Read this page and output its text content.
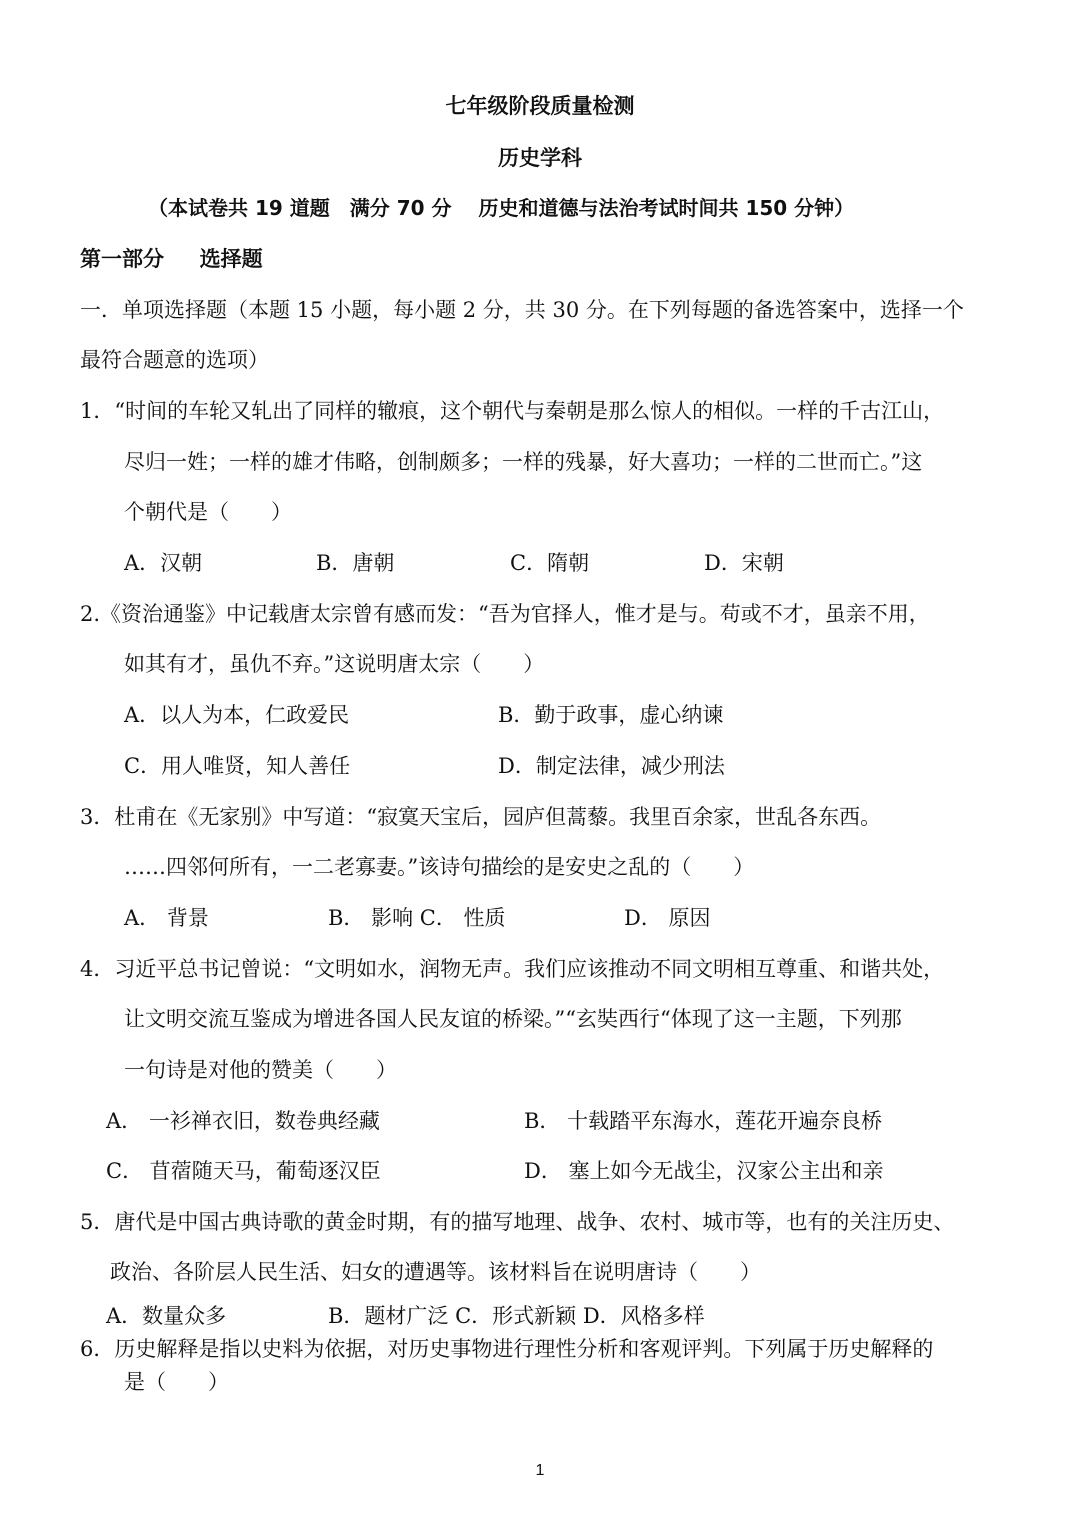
七年级阶段质量检测
历史学科
（本试卷共 19 道题　满分 70 分　 历史和道德与法治考试时间共 150 分钟）
第一部分 　 选择题
一．单项选择题（本题 15 小题，每小题 2 分，共 30 分。在下列每题的备选答案中，选择一个
最符合题意的选项）
1．“时间的车轮又轧出了同样的辙痕，这个朝代与秦朝是那么惊人的相似。一样的千古江山，
尽归一姓；一样的雄才伟略，创制颇多；一样的残暴，好大喜功；一样的二世而亡。”这
个朝代是（　　）
A．汉朝	B．唐朝	C．隋朝	D．宋朝
2.《资治通鉴》中记载唐太宗曾有感而发：“吾为官择人，惟才是与。苟或不才，虽亲不用，
如其有才，虽仇不弃。”这说明唐太宗（　　）
A．以人为本，仁政爱民	B．勤于政事，虚心纳谏
C．用人唯贤，知人善任	D．制定法律，减少刑法
3．杜甫在《无家别》中写道：“寂寞天宝后，园庐但蒿藜。我里百余家，世乱各东西。
……四邻何所有，一二老寡妻。”该诗句描绘的是安史之乱的（　　）
A． 背景	B． 影响 C． 性质	D． 原因
4．习近平总书记曾说：“文明如水，润物无声。我们应该推动不同文明相互尊重、和谐共处，
让文明交流互鉴成为增进各国人民友谊的桥梁。”“玄奘西行“体现了这一主题，下列那
一句诗是对他的赞美（　　）
A． 一衫禅衣旧，数卷典经藏	B． 十载踏平东海水，莲花开遍奈良桥
C． 苜蓿随天马，葡萄逐汉臣	D． 塞上如今无战尘，汉家公主出和亲
5．唐代是中国古典诗歌的黄金时期，有的描写地理、战争、农村、城市等，也有的关注历史、
政治、各阶层人民生活、妇女的遭遇等。该材料旨在说明唐诗（　　）
A．数量众多	B．题材广泛 C．形式新颖 D．风格多样
6．历史解释是指以史料为依据，对历史事物进行理性分析和客观评判。下列属于历史解释的
是（　　）
1
